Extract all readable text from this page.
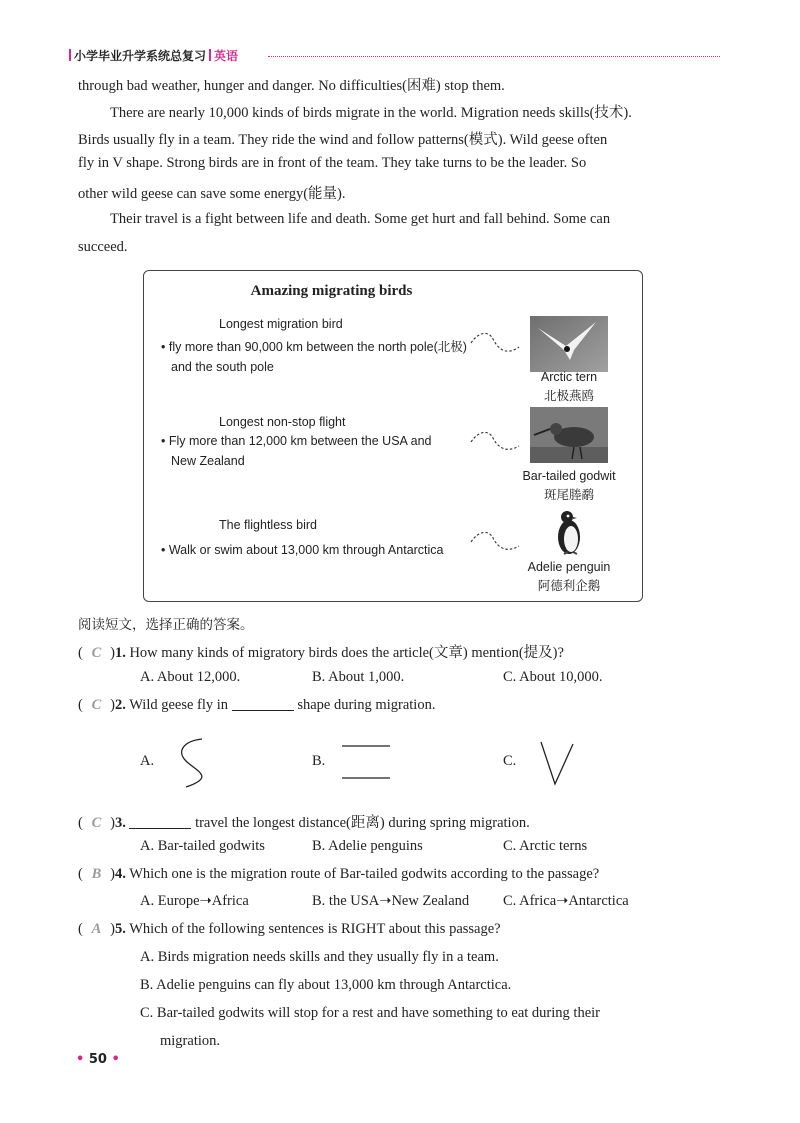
小学毕业升学系统总复习 英语
through bad weather, hunger and danger. No difficulties(困难) stop them.
There are nearly 10,000 kinds of birds migrate in the world. Migration needs skills(技术).
Birds usually fly in a team. They ride the wind and follow patterns(模式). Wild geese often
fly in V shape. Strong birds are in front of the team. They take turns to be the leader. So
other wild geese can save some energy(能量).
Their travel is a fight between life and death. Some get hurt and fall behind. Some can
succeed.
Amazing migrating birds
Longest migration bird
• fly more than 90,000 km between the north pole(北极)
and the south pole
Arctic tern
北极燕鸥
Longest non-stop flight
• Fly more than 12,000 km between the USA and
New Zealand
Bar-tailed godwit
斑尾塍鹬
The flightless bird
• Walk or swim about 13,000 km through Antarctica
Adelie penguin
阿德利企鹅
阅读短文，选择正确的答案。
( C )1. How many kinds of migratory birds does the article(文章) mention(提及)?
A. About 12,000.	B. About 1,000.	C. About 10,000.
( C )2. Wild geese fly in	shape during migration.
A.	B.	C.
( C )3.	travel the longest distance(距离) during spring migration.
A. Bar-tailed godwits	B. Adelie penguins	C. Arctic terns
( B )4. Which one is the migration route of Bar-tailed godwits according to the passage?
A. Europe➝Africa	B. the USA➝New Zealand C. Africa➝Antarctica
( A )5. Which of the following sentences is RIGHT about this passage?
A. Birds migration needs skills and they usually fly in a team.
B. Adelie penguins can fly about 13,000 km through Antarctica.
C. Bar-tailed godwits will stop for a rest and have something to eat during their
migration.
• 50 •
